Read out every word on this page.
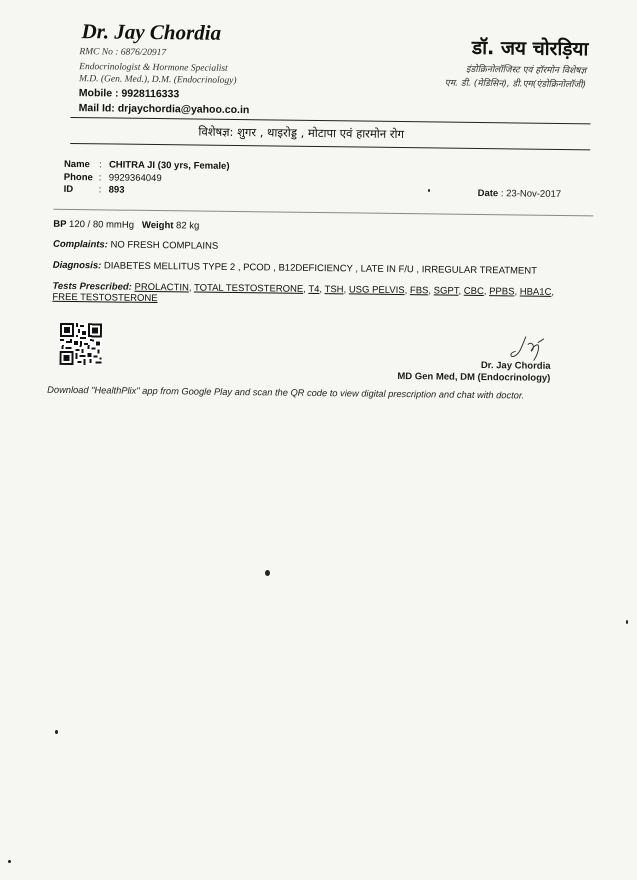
Dr. Jay Chordia
RMC No : 6876/20917
Endocrinologist & Hormone Specialist
M.D. (Gen. Med.), D.M. (Endocrinology)
Mobile : 9928116333
Mail Id: drjaychordia@yahoo.co.in
डॉ. जय चोरड़िया
इंडोक्रिनोलॉजिस्ट एवं हॉरमोन विशेषज्ञ
एम. डी. (मेडिसिन), डी.एम(एंडोक्रिनोलॉजी)
विशेषज्ञ: शुगर , थाइरोड्ड , मोटापा एवं हारमोन रोग
Name : CHITRA JI (30 yrs, Female)
Phone : 9929364049
ID	: 893	Date : 23-Nov-2017
BP 120 / 80 mmHg Weight 82 kg
Complaints: NO FRESH COMPLAINS
Diagnosis: DIABETES MELLITUS TYPE 2 , PCOD , B12DEFICIENCY , LATE IN F/U , IRREGULAR TREATMENT
Tests Prescribed: PROLACTIN, TOTAL TESTOSTERONE, T4, TSH, USG PELVIS, FBS, SGPT, CBC, PPBS, HBA1C,
FREE TESTOSTERONE
Dr. Jay Chordia
MD Gen Med, DM (Endocrinology)
Download "HealthPlix" app from Google Play and scan the QR code to view digital prescription and chat with doctor.
